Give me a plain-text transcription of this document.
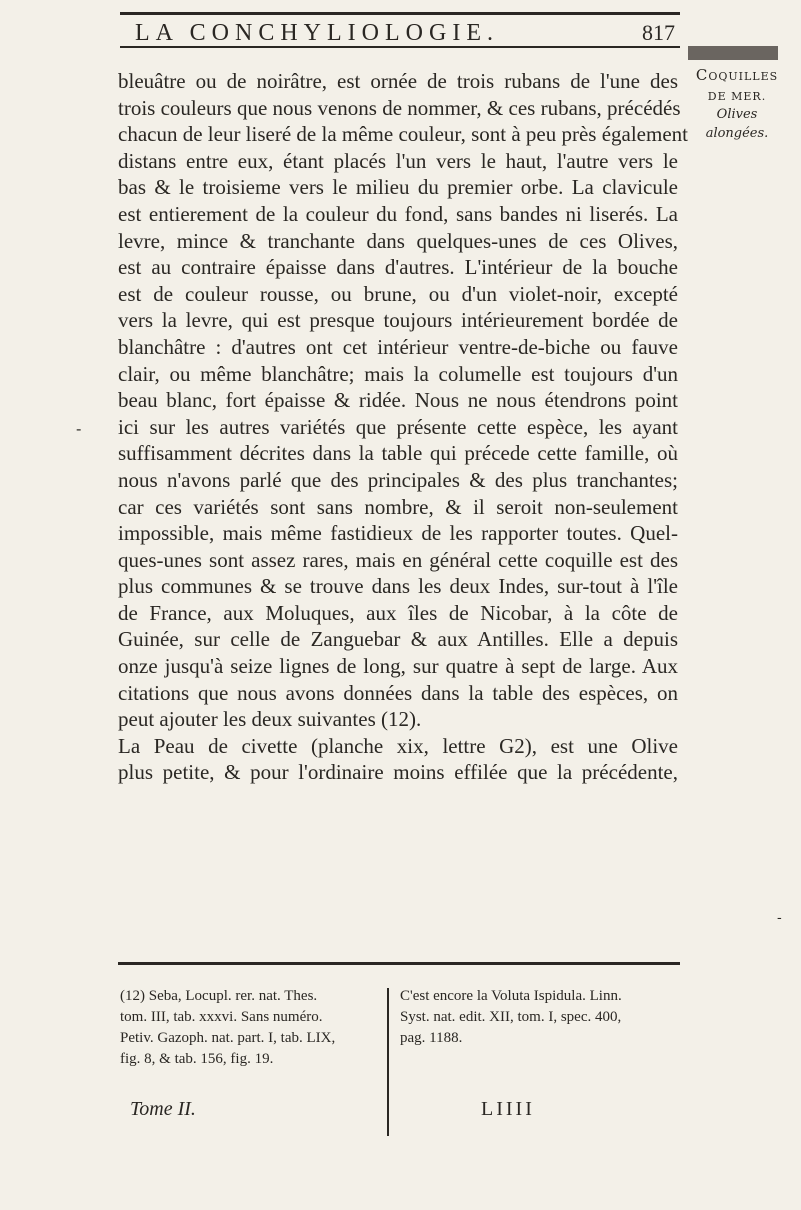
LA CONCHYLIOLOGIE.	817
Coquilles
DE MER.
Olives
alongées.
-
bleuâtre ou de noirâtre, est ornée de trois rubans de l'une des
trois couleurs que nous venons de nommer, & ces rubans, précédés
chacun de leur liseré de la même couleur, sont à peu près également
distans entre eux, étant placés l'un vers le haut, l'autre vers le
bas & le troisieme vers le milieu du premier orbe. La clavicule
est entierement de la couleur du fond, sans bandes ni liserés. La
levre, mince & tranchante dans quelques-unes de ces Olives,
est au contraire épaisse dans d'autres. L'intérieur de la bouche
est de couleur rousse, ou brune, ou d'un violet-noir, excepté
vers la levre, qui est presque toujours intérieurement bordée de
blanchâtre : d'autres ont cet intérieur ventre-de-biche ou fauve
clair, ou même blanchâtre; mais la columelle est toujours d'un
beau blanc, fort épaisse & ridée. Nous ne nous étendrons point
ici sur les autres variétés que présente cette espèce, les ayant
suffisamment décrites dans la table qui précede cette famille, où
nous n'avons parlé que des principales & des plus tranchantes;
car ces variétés sont sans nombre, & il seroit non-seulement
impossible, mais même fastidieux de les rapporter toutes. Quel-
ques-unes sont assez rares, mais en général cette coquille est des
plus communes & se trouve dans les deux Indes, sur-tout à l'île
de France, aux Moluques, aux îles de Nicobar, à la côte de
Guinée, sur celle de Zanguebar & aux Antilles. Elle a depuis
onze jusqu'à seize lignes de long, sur quatre à sept de large. Aux
citations que nous avons données dans la table des espèces, on
peut ajouter les deux suivantes (12).
La Peau de civette (planche xix, lettre G2), est une Olive
plus petite, & pour l'ordinaire moins effilée que la précédente,
-
(12) Seba, Locupl. rer. nat. Thes.
tom. III, tab. xxxvi. Sans numéro.
Petiv. Gazoph. nat. part. I, tab. LIX,
fig. 8, & tab. 156, fig. 19.
C'est encore la Voluta Ispidula. Linn.
Syst. nat. edit. XII, tom. I, spec. 400,
pag. 1188.
Tome II.	LIIII
